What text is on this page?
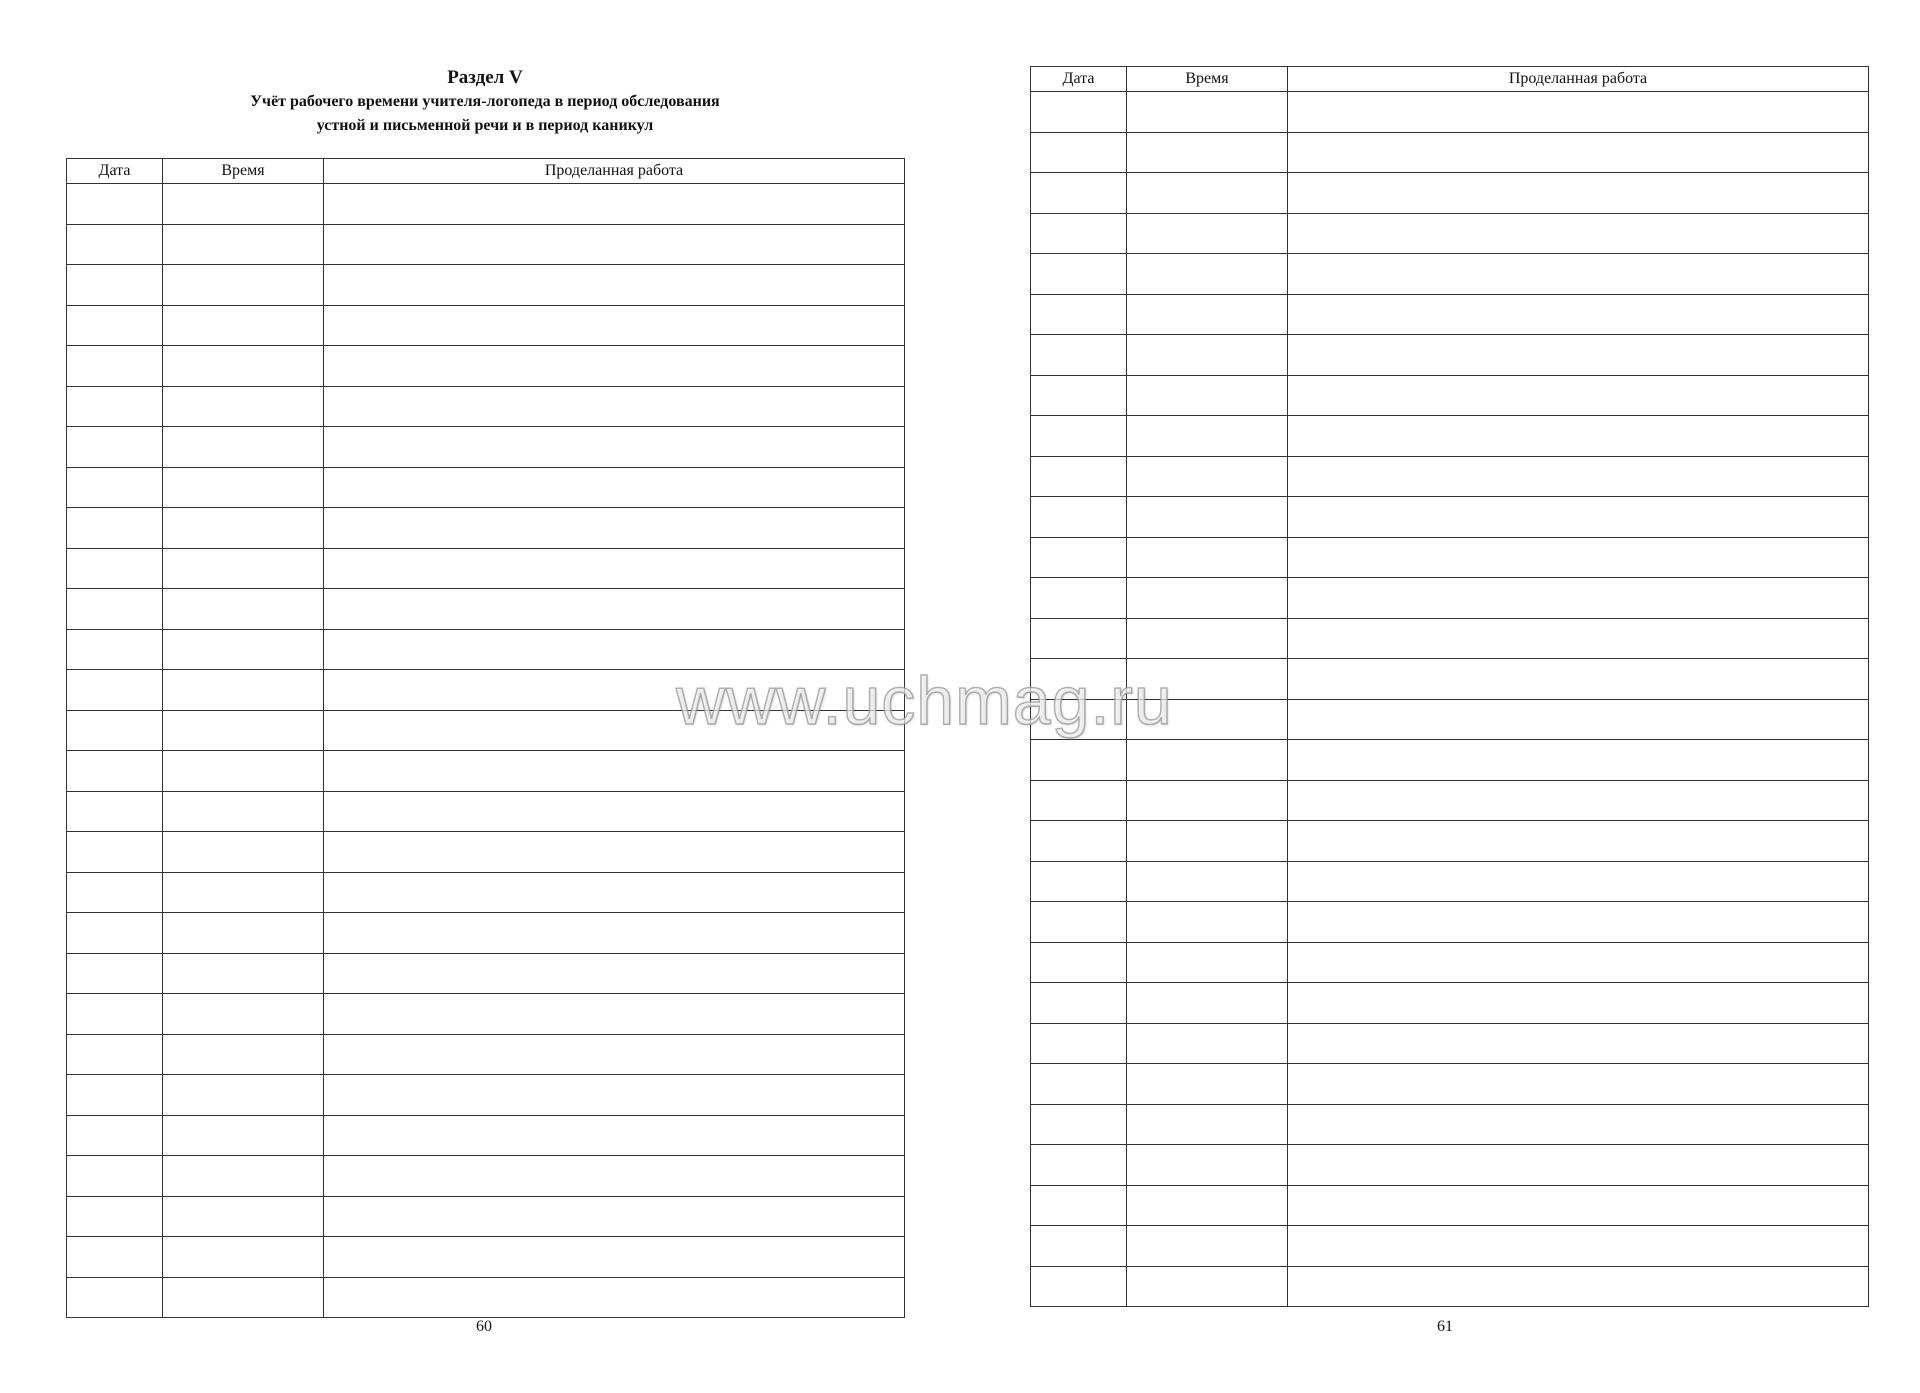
Раздел V
Учёт рабочего времени учителя-логопеда в период обследования
устной и письменной речи и в период каникул
Дата	Время	Проделанная работа

60
Дата	Время	Проделанная работа

61
www.uchmag.ru
